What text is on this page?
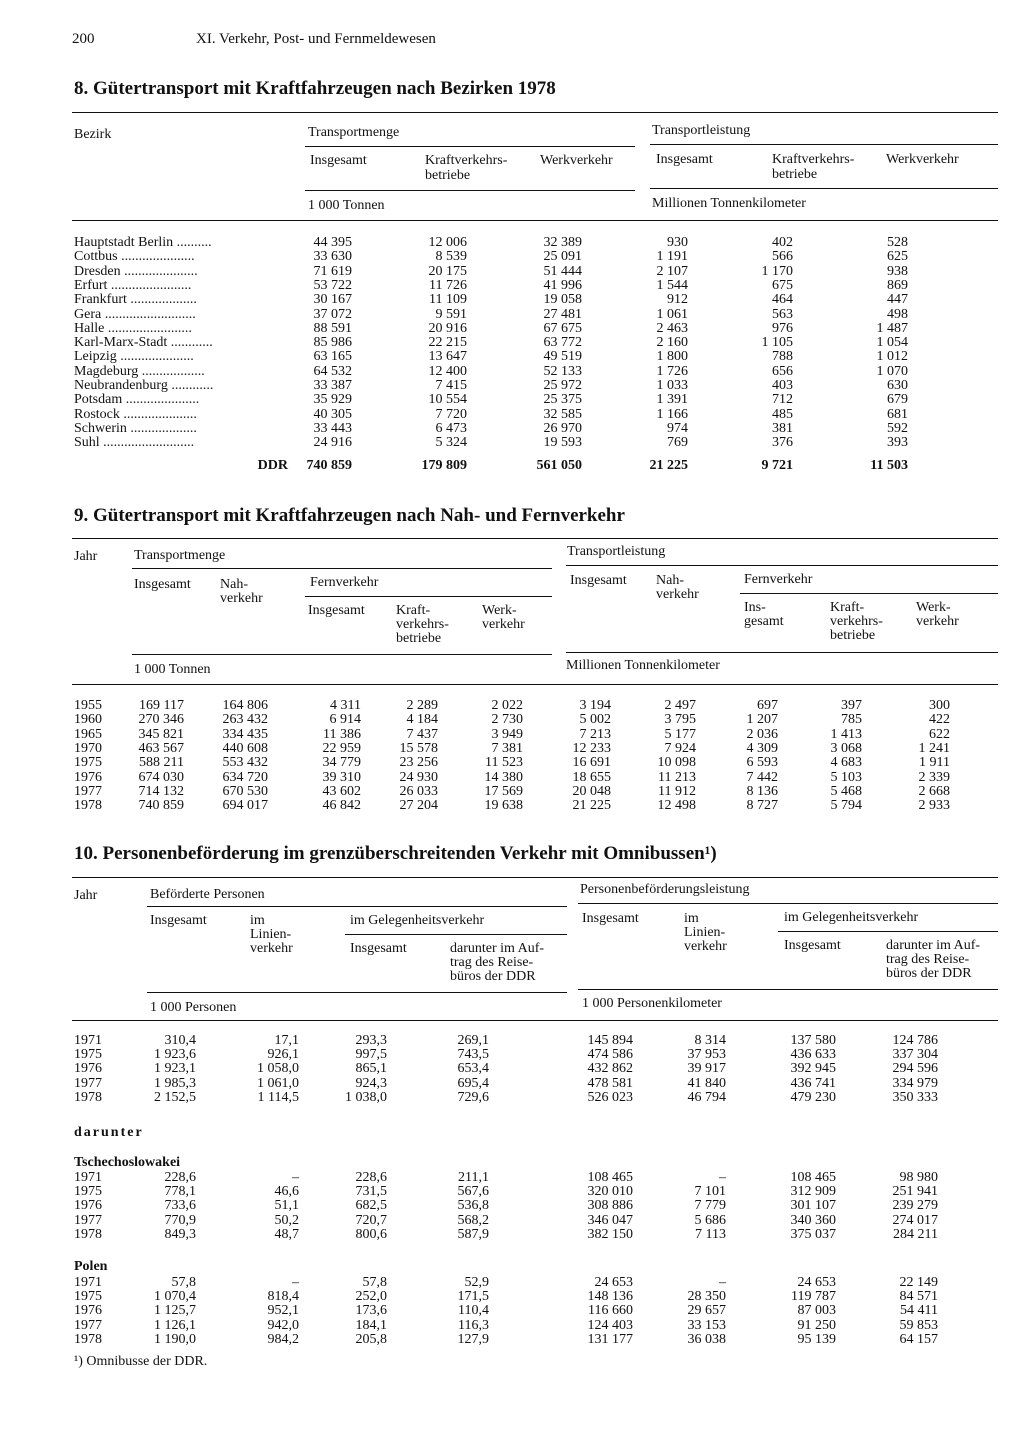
200	XI. Verkehr, Post- und Fernmeldewesen
8. Gütertransport mit Kraftfahrzeugen nach Bezirken 1978
Bezirk	Transportmenge	Transportleistung
Insgesamt	Kraftverkehrs-
betriebe
Werkverkehr	Insgesamt	Kraftverkehrs-
betriebe
Werkverkehr
1 000 Tonnen	Millionen Tonnenkilometer
Hauptstadt Berlin ..........	44 395	12 006	32 389	930	402	528
Cottbus .....................	33 630	8 539	25 091	1 191	566	625
Dresden .....................	71 619	20 175	51 444	2 107	1 170	938
Erfurt .......................	53 722	11 726	41 996	1 544	675	869
Frankfurt ...................	30 167	11 109	19 058	912	464	447
Gera ..........................	37 072	9 591	27 481	1 061	563	498
Halle ........................	88 591	20 916	67 675	2 463	976	1 487
Karl-Marx-Stadt ............	85 986	22 215	63 772	2 160	1 105	1 054
Leipzig .....................	63 165	13 647	49 519	1 800	788	1 012
Magdeburg ..................	64 532	12 400	52 133	1 726	656	1 070
Neubrandenburg ............	33 387	7 415	25 972	1 033	403	630
Potsdam .....................	35 929	10 554	25 375	1 391	712	679
Rostock .....................	40 305	7 720	32 585	1 166	485	681
Schwerin ...................	33 443	6 473	26 970	974	381	592
Suhl ..........................	24 916	5 324	19 593	769	376	393
DDR 740 859	179 809	561 050	21 225	9 721	11 503
9. Gütertransport mit Kraftfahrzeugen nach Nah- und Fernverkehr
Jahr	Transportmenge	Transportleistung
Insgesamt Nah-
verkehr
Fernverkehr
Insgesamt Kraft-
verkehrs-
betriebe
Werk-
verkehr
Insgesamt Nah-
verkehr
Fernverkehr
Ins-
gesamt
Kraft-
verkehrs-
betriebe
Werk-
verkehr
1 000 Tonnen	Millionen Tonnenkilometer
1955	169 117	164 806	4 311	2 289	2 022	3 194	2 497	697	397	300
1960	270 346	263 432	6 914	4 184	2 730	5 002	3 795	1 207	785	422
1965	345 821	334 435	11 386	7 437	3 949	7 213	5 177	2 036	1 413	622
1970	463 567	440 608	22 959	15 578	7 381	12 233	7 924	4 309	3 068	1 241
1975	588 211	553 432	34 779	23 256	11 523	16 691	10 098	6 593	4 683	1 911
1976	674 030	634 720	39 310	24 930	14 380	18 655	11 213	7 442	5 103	2 339
1977	714 132	670 530	43 602	26 033	17 569	20 048	11 912	8 136	5 468	2 668
1978	740 859	694 017	46 842	27 204	19 638	21 225	12 498	8 727	5 794	2 933
10. Personenbeförderung im grenzüberschreitenden Verkehr mit Omnibussen¹)
Jahr	Beförderte Personen	Personenbeförderungsleistung
Insgesamt	im
Linien-
verkehr
im Gelegenheitsverkehr
Insgesamt	darunter im Auf-
trag des Reise-
büros der DDR
Insgesamt	im
Linien-
verkehr
im Gelegenheitsverkehr
Insgesamt	darunter im Auf-
trag des Reise-
büros der DDR
1 000 Personen	1 000 Personenkilometer
1971	310,4	17,1	293,3	269,1	145 894	8 314	137 580	124 786
1975	1 923,6	926,1	997,5	743,5	474 586	37 953	436 633	337 304
1976	1 923,1	1 058,0	865,1	653,4	432 862	39 917	392 945	294 596
1977	1 985,3	1 061,0	924,3	695,4	478 581	41 840	436 741	334 979
1978	2 152,5	1 114,5	1 038,0	729,6	526 023	46 794	479 230	350 333
darunter
Tschechoslowakei
1971	228,6	–	228,6	211,1	108 465	–	108 465	98 980
1975	778,1	46,6	731,5	567,6	320 010	7 101	312 909	251 941
1976	733,6	51,1	682,5	536,8	308 886	7 779	301 107	239 279
1977	770,9	50,2	720,7	568,2	346 047	5 686	340 360	274 017
1978	849,3	48,7	800,6	587,9	382 150	7 113	375 037	284 211
Polen
1971	57,8	–	57,8	52,9	24 653	–	24 653	22 149
1975	1 070,4	818,4	252,0	171,5	148 136	28 350	119 787	84 571
1976	1 125,7	952,1	173,6	110,4	116 660	29 657	87 003	54 411
1977	1 126,1	942,0	184,1	116,3	124 403	33 153	91 250	59 853
1978	1 190,0	984,2	205,8	127,9	131 177	36 038	95 139	64 157
¹) Omnibusse der DDR.
